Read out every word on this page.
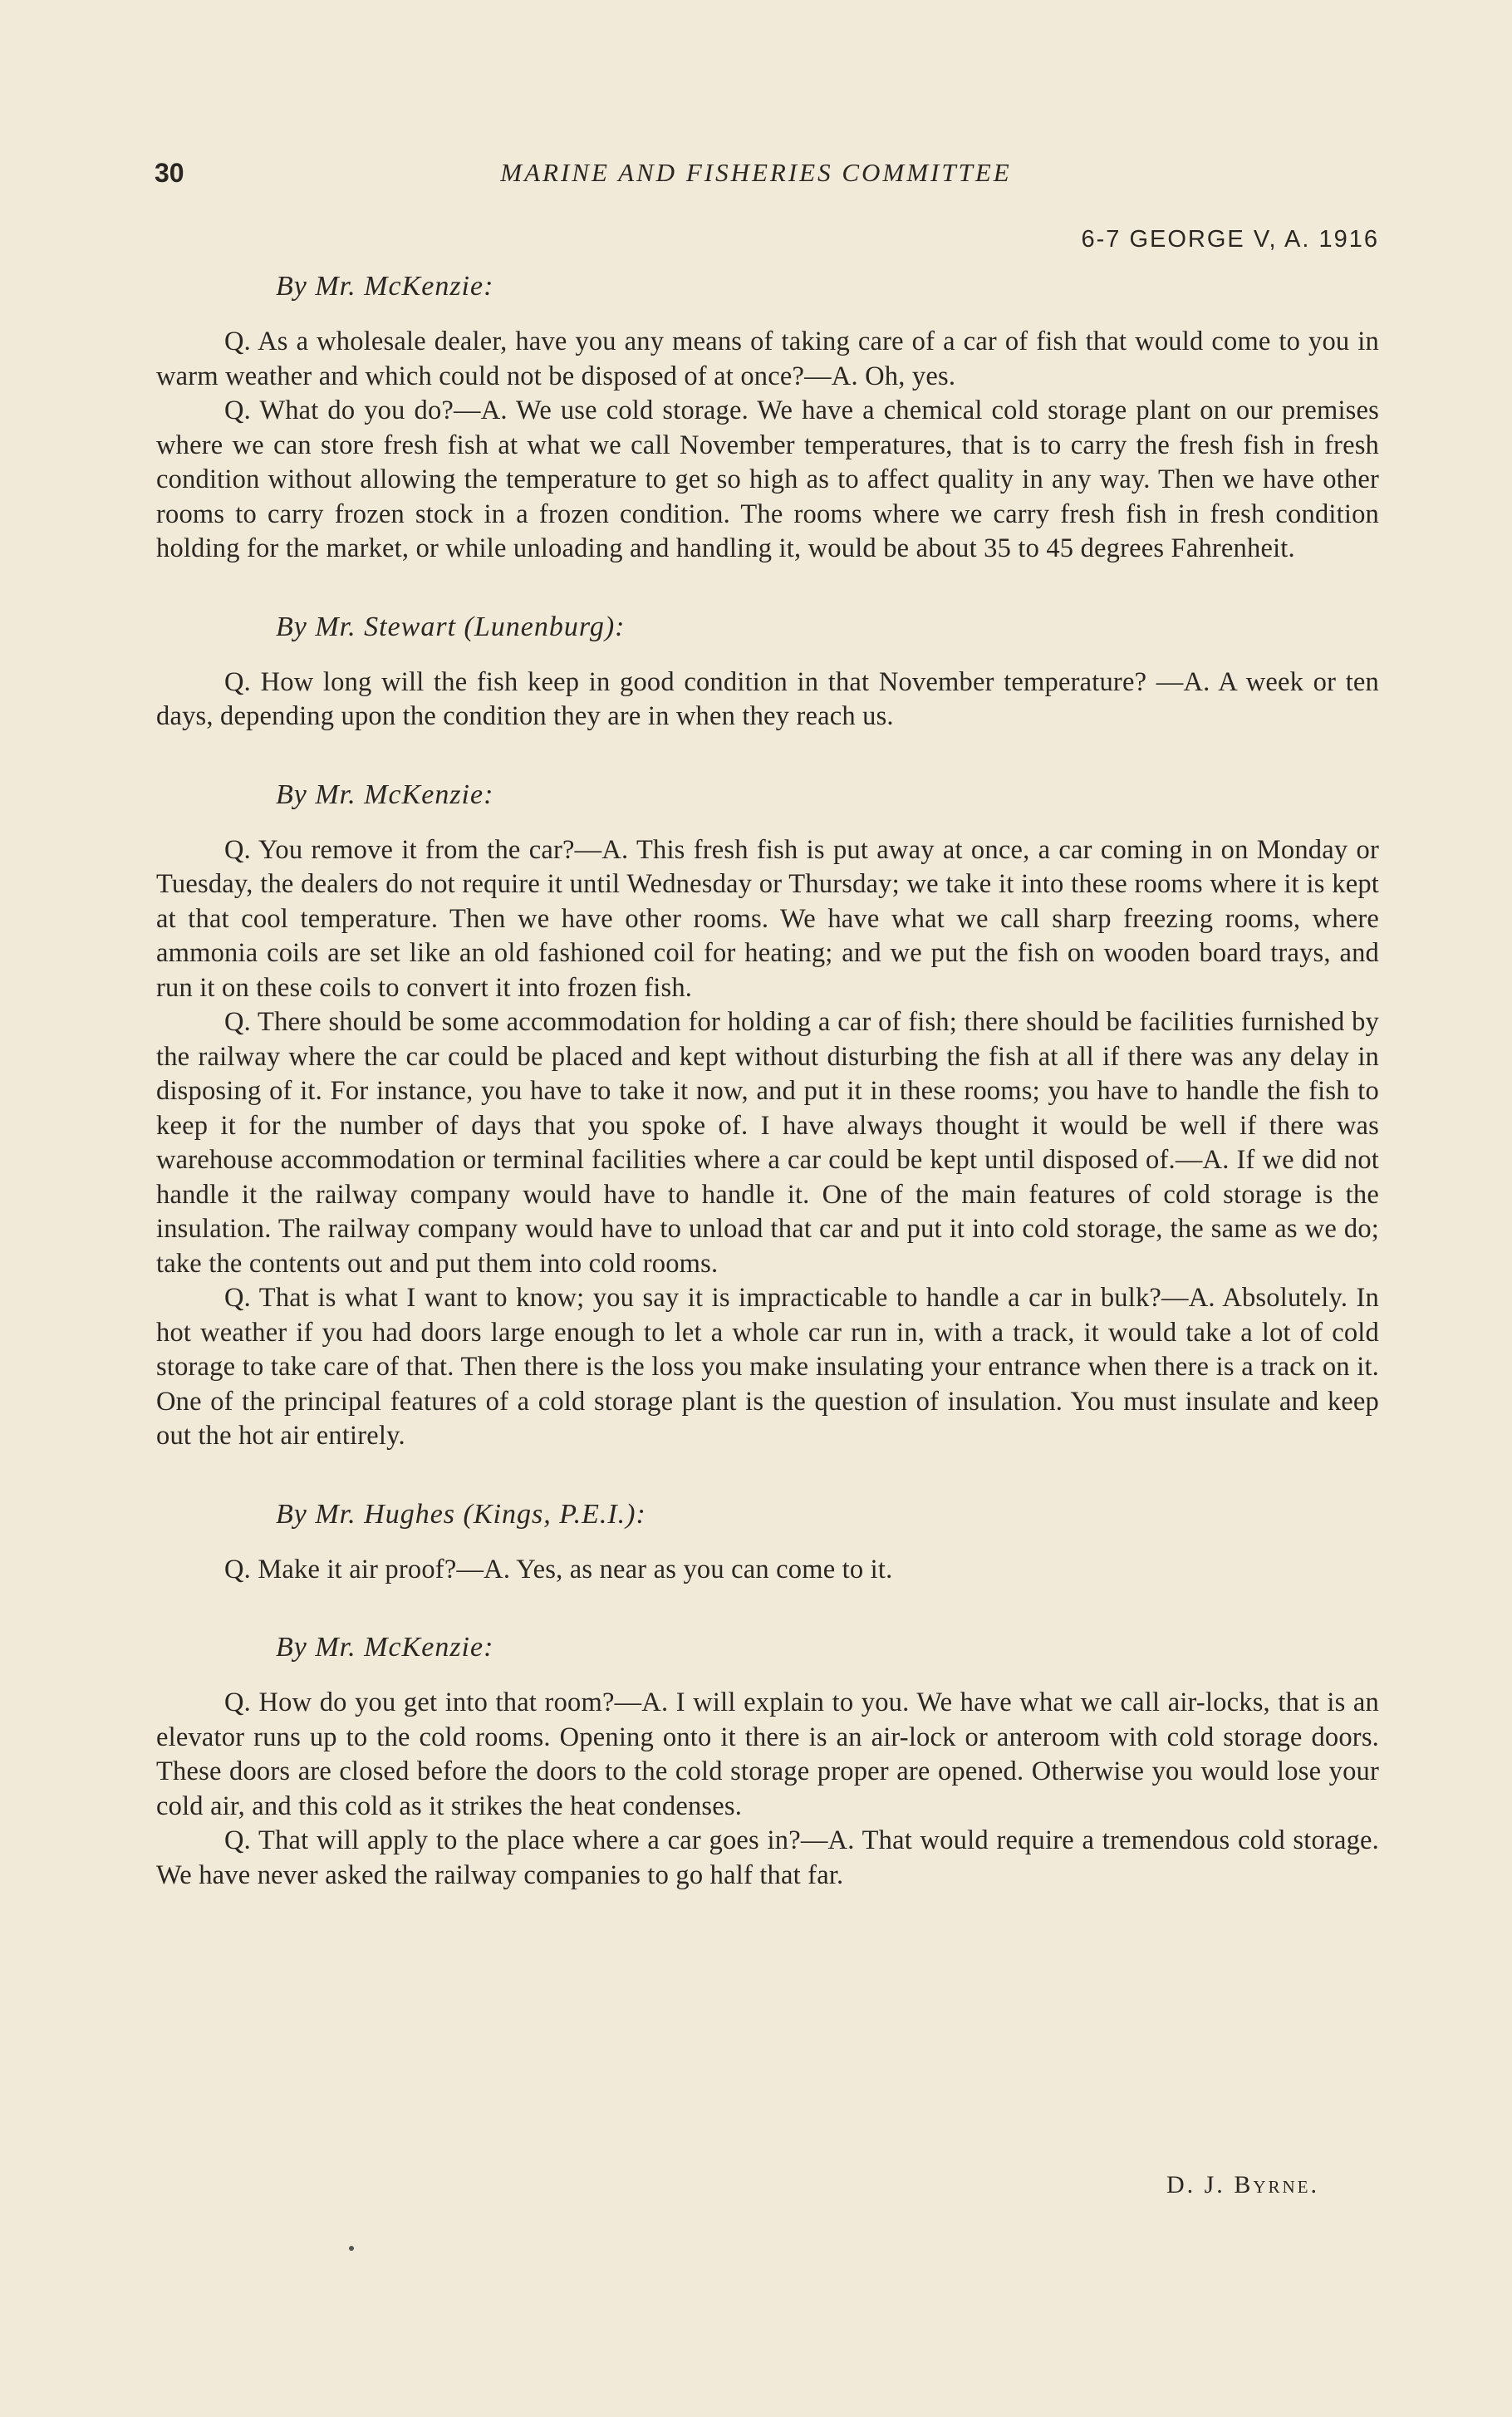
30	MARINE AND FISHERIES COMMITTEE
6-7 GEORGE V, A. 1916
By Mr. McKenzie:

Q. As a wholesale dealer, have you any means of taking care of a car of fish that would come to you in warm weather and which could not be disposed of at once?—A. Oh, yes.

Q. What do you do?—A. We use cold storage. We have a chemical cold storage plant on our premises where we can store fresh fish at what we call November temperatures, that is to carry the fresh fish in fresh condition without allowing the temperature to get so high as to affect quality in any way. Then we have other rooms to carry frozen stock in a frozen condition. The rooms where we carry fresh fish in fresh condition holding for the market, or while unloading and handling it, would be about 35 to 45 degrees Fahrenheit.

By Mr. Stewart (Lunenburg):

Q. How long will the fish keep in good condition in that November temperature? —A. A week or ten days, depending upon the condition they are in when they reach us.

By Mr. McKenzie:

Q. You remove it from the car?—A. This fresh fish is put away at once, a car coming in on Monday or Tuesday, the dealers do not require it until Wednesday or Thursday; we take it into these rooms where it is kept at that cool temperature. Then we have other rooms. We have what we call sharp freezing rooms, where ammonia coils are set like an old fashioned coil for heating; and we put the fish on wooden board trays, and run it on these coils to convert it into frozen fish.

Q. There should be some accommodation for holding a car of fish; there should be facilities furnished by the railway where the car could be placed and kept without disturbing the fish at all if there was any delay in disposing of it. For instance, you have to take it now, and put it in these rooms; you have to handle the fish to keep it for the number of days that you spoke of. I have always thought it would be well if there was warehouse accommodation or terminal facilities where a car could be kept until disposed of.—A. If we did not handle it the railway company would have to handle it. One of the main features of cold storage is the insulation. The railway company would have to unload that car and put it into cold storage, the same as we do; take the contents out and put them into cold rooms.

Q. That is what I want to know; you say it is impracticable to handle a car in bulk?—A. Absolutely. In hot weather if you had doors large enough to let a whole car run in, with a track, it would take a lot of cold storage to take care of that. Then there is the loss you make insulating your entrance when there is a track on it. One of the principal features of a cold storage plant is the question of insulation. You must insulate and keep out the hot air entirely.

By Mr. Hughes (Kings, P.E.I.):

Q. Make it air proof?—A. Yes, as near as you can come to it.

By Mr. McKenzie:

Q. How do you get into that room?—A. I will explain to you. We have what we call air-locks, that is an elevator runs up to the cold rooms. Opening onto it there is an air-lock or anteroom with cold storage doors. These doors are closed before the doors to the cold storage proper are opened. Otherwise you would lose your cold air, and this cold as it strikes the heat condenses.

Q. That will apply to the place where a car goes in?—A. That would require a tremendous cold storage. We have never asked the railway companies to go half that far.

D. J. Byrne.
